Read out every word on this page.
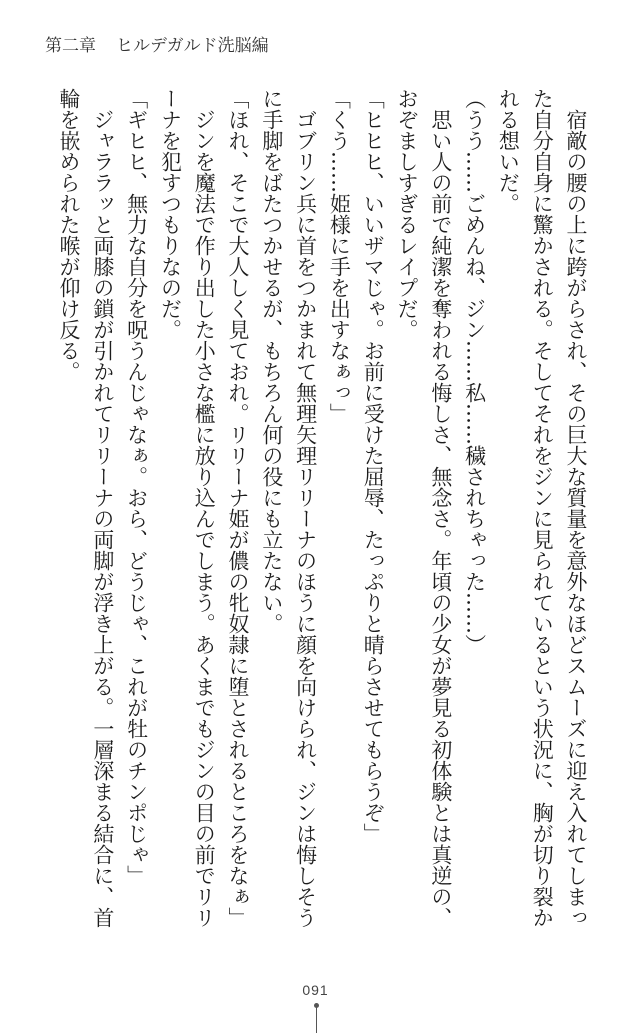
第二章 ヒルデガルド洗脳編
　宿敵の腰の上に跨がらされ、その巨大な質量を意外なほどスムーズに迎え入れてしまっ
た自分自身に驚かされる。そしてそれをジンに見られているという状況に、胸が切り裂か
れる想いだ。
（うう……ごめんね、ジン……私……穢されちゃった……）
　思い人の前で純潔を奪われる悔しさ、無念さ。年頃の少女が夢見る初体験とは真逆の、
おぞましすぎるレイプだ。
「ヒヒヒ、いいザマじゃ。お前に受けた屈辱、たっぷりと晴らさせてもらうぞ」
「くう……姫様に手を出すなぁっ」
　ゴブリン兵に首をつかまれて無理矢理リリーナのほうに顔を向けられ、ジンは悔しそう
に手脚をばたつかせるが、もちろん何の役にも立たない。
「ほれ、そこで大人しく見ておれ。リリーナ姫が儂の牝奴隷に堕とされるところをなぁ」
　ジンを魔法で作り出した小さな檻に放り込んでしまう。あくまでもジンの目の前でリリ
ーナを犯すつもりなのだ。
「ギヒヒ、無力な自分を呪うんじゃなぁ。おら、どうじゃ、これが牡のチンポじゃ」
　ジャララッと両膝の鎖が引かれてリリーナの両脚が浮き上がる。一層深まる結合に、首
輪を嵌められた喉が仰け反る。
091
